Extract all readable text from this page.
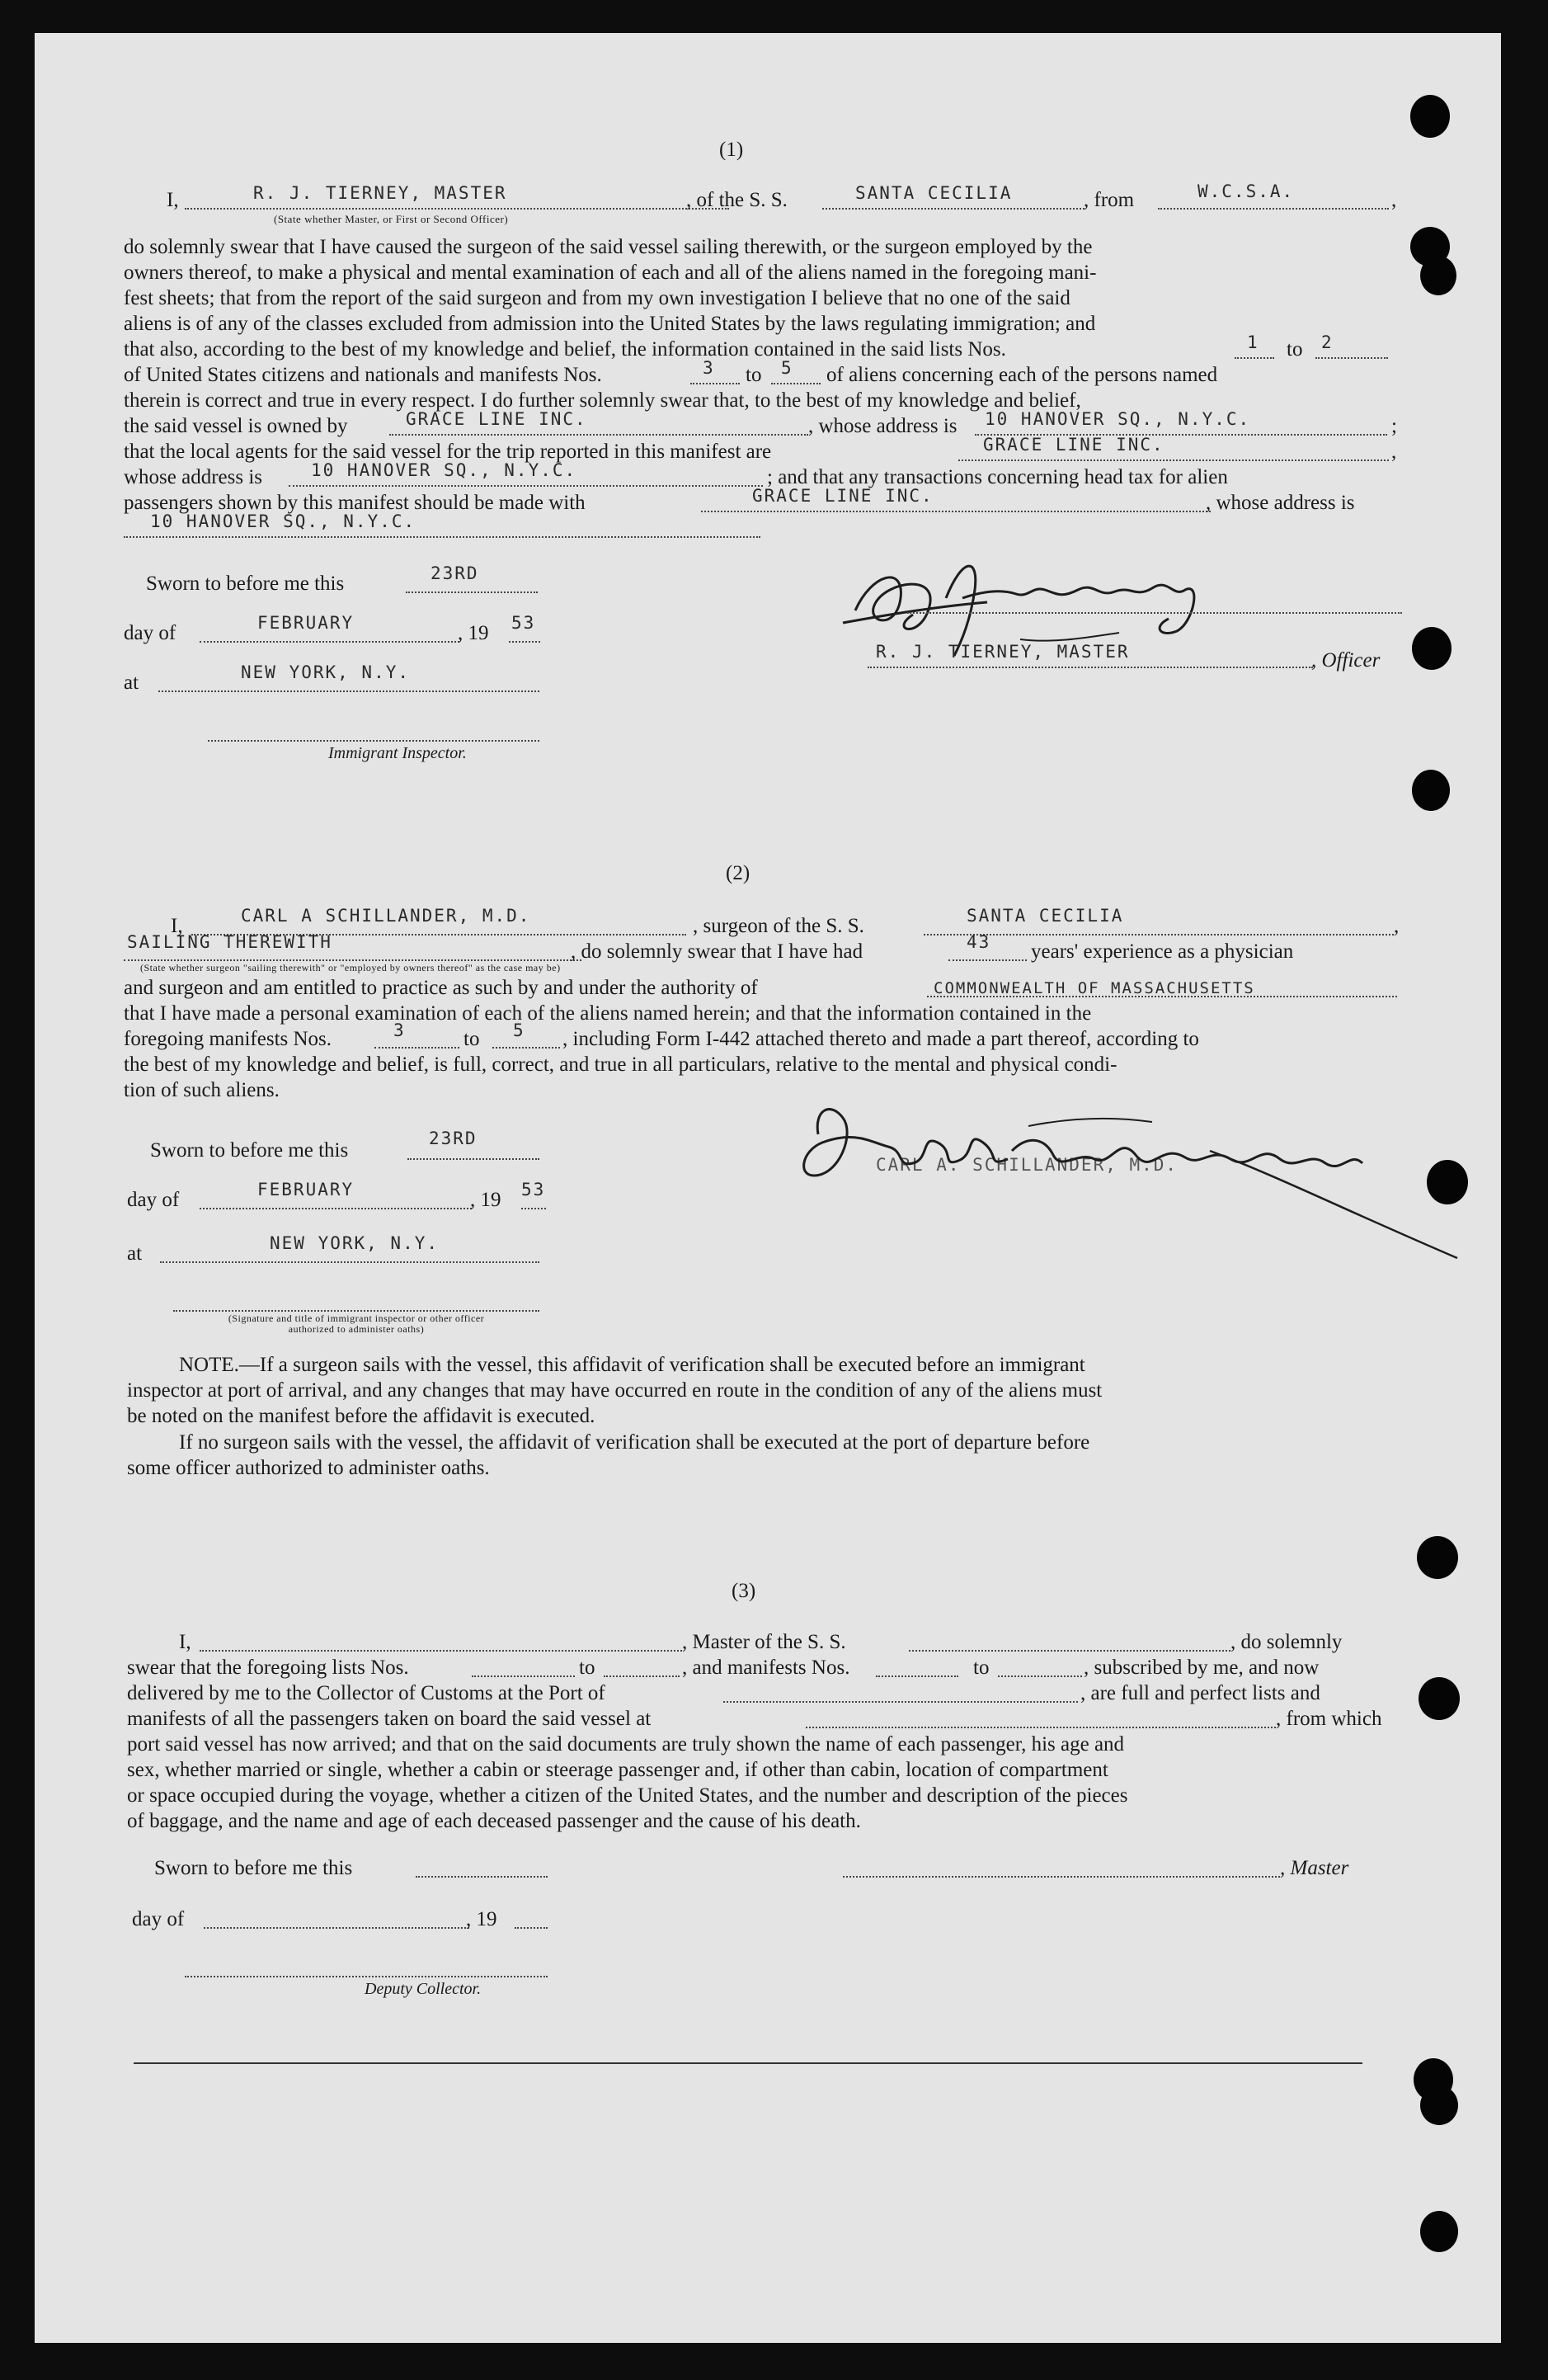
(1)
I,	R. J. TIERNEY, MASTER
(State whether Master, or First or Second Officer)
, of the S. S.	SANTA CECILIA	, from	W.C.S.A.	,
do solemnly swear that I have caused the surgeon of the said vessel sailing therewith, or the surgeon employed by the
owners thereof, to make a physical and mental examination of each and all of the aliens named in the foregoing mani-
fest sheets; that from the report of the said surgeon and from my own investigation I believe that no one of the said
aliens is of any of the classes excluded from admission into the United States by the laws regulating immigration; and
that also, according to the best of my knowledge and belief, the information contained in the said lists Nos.	1 to 2
of United States citizens and nationals and manifests Nos.	3 to 5 of aliens concerning each of the persons named
therein is correct and true in every respect. I do further solemnly swear that, to the best of my knowledge and belief,
the said vessel is owned by	GRACE LINE INC.	, whose address is 10 HANOVER SQ., N.Y.C.	;
that the local agents for the said vessel for the trip reported in this manifest are	GRACE LINE INC.	,
whose address is	10 HANOVER SQ., N.Y.C.	; and that any transactions concerning head tax for alien
passengers shown by this manifest should be made with	GRACE LINE INC.	, whose address is
10 HANOVER SQ., N.Y.C.
Sworn to before me this	23RD
day of	FEBRUARY	, 19 53
at	NEW YORK, N.Y.
Immigrant Inspector.
R. J. TIERNEY, MASTER	, Officer
(2)
I,	CARL A SCHILLANDER, M.D.	, surgeon of the S. S.	SANTA CECILIA	,
SAILING THEREWITH
(State whether surgeon "sailing therewith" or "employed by owners thereof" as the case may be)
, do solemnly swear that I have had	43 years' experience as a physician
and surgeon and am entitled to practice as such by and under the authority of	COMMONWEALTH OF MASSACHUSETTS
that I have made a personal examination of each of the aliens named herein; and that the information contained in the
foregoing manifests Nos.	3	to 5 , including Form I-442 attached thereto and made a part thereof, according to
the best of my knowledge and belief, is full, correct, and true in all particulars, relative to the mental and physical condi-
tion of such aliens.
Sworn to before me this
23RD
day of	FEBRUARY	, 19 53
at	NEW YORK, N.Y.
(Signature and title of immigrant inspector or other officer authorized to administer oaths)
CARL A. SCHILLANDER, M.D.
NOTE.—If a surgeon sails with the vessel, this affidavit of verification shall be executed before an immigrant
inspector at port of arrival, and any changes that may have occurred en route in the condition of any of the aliens must
be noted on the manifest before the affidavit is executed.
If no surgeon sails with the vessel, the affidavit of verification shall be executed at the port of departure before
some officer authorized to administer oaths.
(3)
I,	, Master of the S. S.	, do solemnly
swear that the foregoing lists Nos.	to	, and manifests Nos.	to	, subscribed by me, and now
delivered by me to the Collector of Customs at the Port of	, are full and perfect lists and
manifests of all the passengers taken on board the said vessel at	, from which
port said vessel has now arrived; and that on the said documents are truly shown the name of each passenger, his age and
sex, whether married or single, whether a cabin or steerage passenger and, if other than cabin, location of compartment
or space occupied during the voyage, whether a citizen of the United States, and the number and description of the pieces
of baggage, and the name and age of each deceased passenger and the cause of his death.
Sworn to before me this	, Master
day of	, 19
Deputy Collector.
